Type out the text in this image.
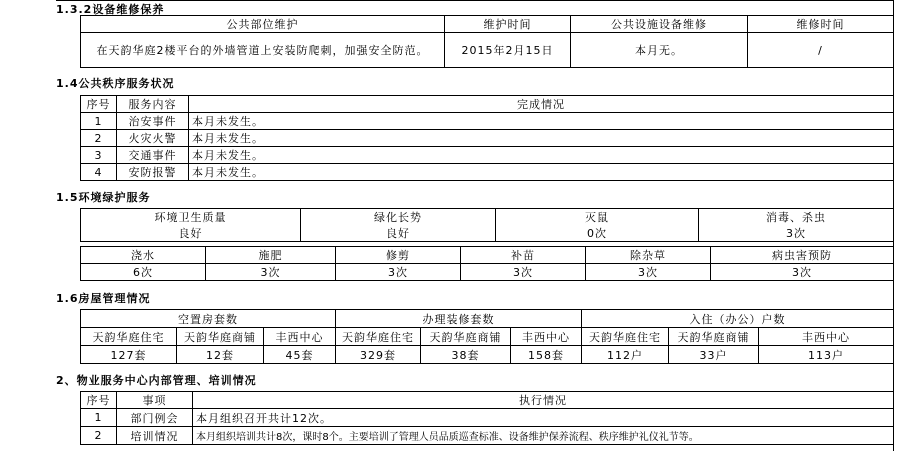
1.3.2设备维修保养
公共部位维护	维护时间	公共设施设备维修	维修时间
在天韵华庭2楼平台的外墙管道上安装防爬刺，加强安全防范。	2015年2月15日	本月无。	/
1.4公共秩序服务状况
序号	服务内容	完成情况
1	治安事件	本月未发生。
2	火灾火警	本月未发生。
3	交通事件	本月未发生。
4	安防报警	本月未发生。
1.5环境绿护服务
环境卫生质量	绿化长势	灭鼠	消毒、杀虫
良好	良好	0次	3次
浇水	施肥	修剪	补苗	除杂草	病虫害预防
6次	3次	3次	3次	3次	3次
1.6房屋管理情况
空置房套数			办理装修套数			入住（办公）户数		
天韵华庭住宅	天韵华庭商铺	丰西中心	天韵华庭住宅	天韵华庭商铺	丰西中心	天韵华庭住宅	天韵华庭商铺	丰西中心
127套	12套	45套	329套	38套	158套	112户	33户	113户
2、物业服务中心内部管理、培训情况
序号	事项	执行情况
1	部门例会	本月组织召开共计12次。
2	培训情况	本月组织培训共计8次，课时8个。主要培训了管理人员品质巡查标准、设备维护保养流程、秩序维护礼仪礼节等。
